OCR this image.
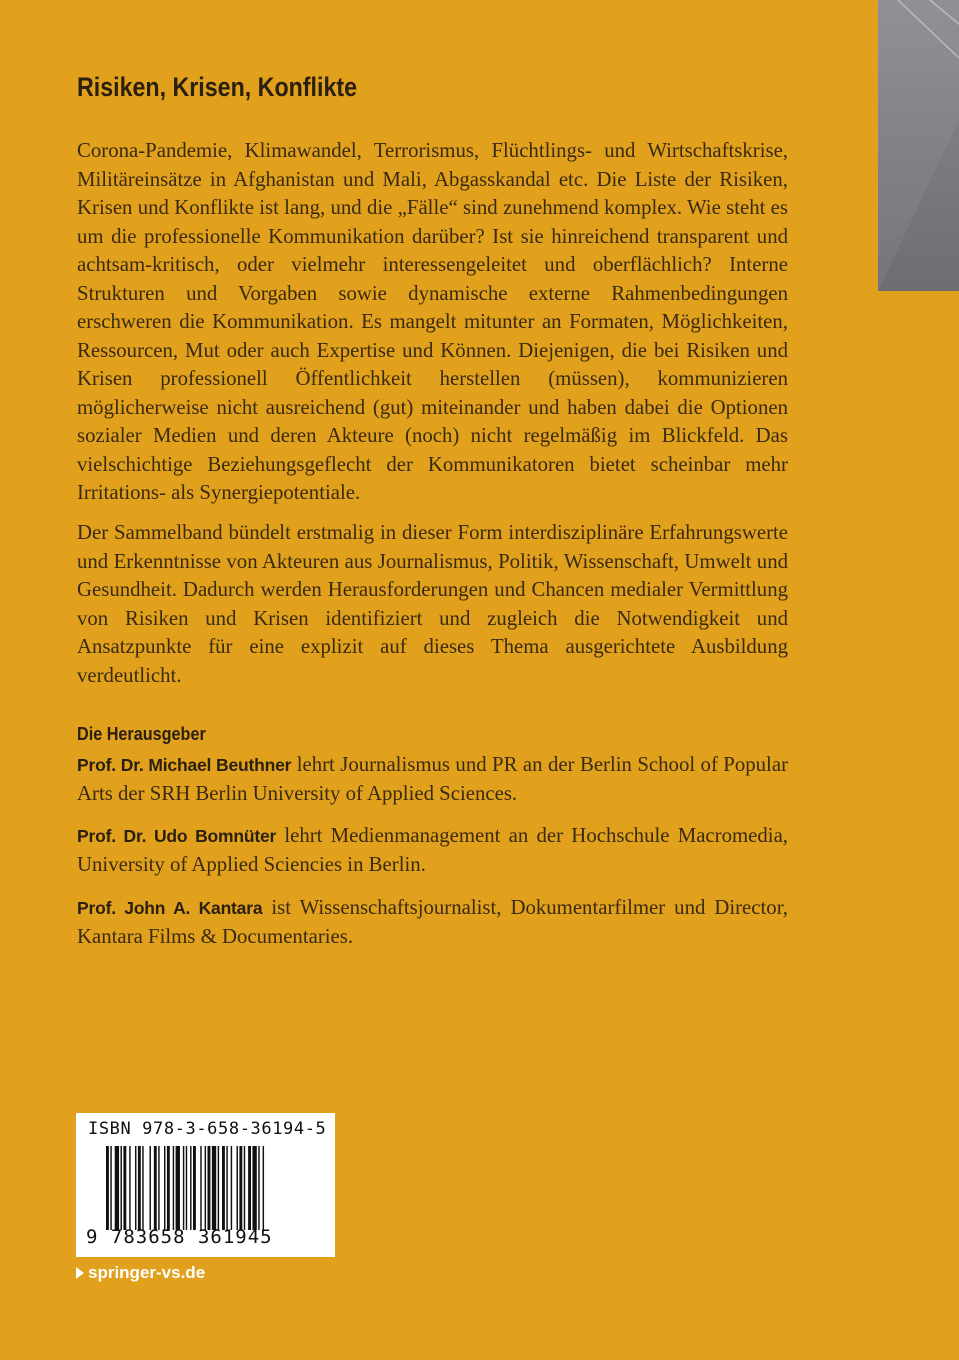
Risiken, Krisen, Konflikte

Corona-Pandemie, Klimawandel, Terrorismus, Flüchtlings- und Wirtschaftskrise, Militäreinsätze in Afghanistan und Mali, Abgasskandal etc. Die Liste der Risiken, Krisen und Konflikte ist lang, und die „Fälle“ sind zunehmend komplex. Wie steht es um die professionelle Kommunikation darüber? Ist sie hinreichend transparent und achtsam-kritisch, oder vielmehr interessengeleitet und oberflächlich? Interne Strukturen und Vorgaben sowie dynamische externe Rahmenbedingungen erschweren die Kommunikation. Es mangelt mitunter an Formaten, Möglichkeiten, Ressourcen, Mut oder auch Expertise und Können. Diejenigen, die bei Risiken und Krisen professionell Öffentlichkeit herstellen (müssen), kommunizieren möglicherweise nicht ausreichend (gut) miteinander und haben dabei die Optionen sozialer Medien und deren Akteure (noch) nicht regelmäßig im Blickfeld. Das vielschichtige Beziehungsgeflecht der Kommunikatoren bietet scheinbar mehr Irritations- als Synergiepotentiale.

Der Sammelband bündelt erstmalig in dieser Form interdisziplinäre Erfahrungswerte und Erkenntnisse von Akteuren aus Journalismus, Politik, Wissenschaft, Umwelt und Gesundheit. Dadurch werden Herausforderungen und Chancen medialer Vermittlung von Risiken und Krisen identifiziert und zugleich die Notwendigkeit und Ansatzpunkte für eine explizit auf dieses Thema ausgerichtete Ausbildung verdeutlicht.

Die Herausgeber

Prof. Dr. Michael Beuthner lehrt Journalismus und PR an der Berlin School of Popular Arts der SRH Berlin University of Applied Sciences.

Prof. Dr. Udo Bomnüter lehrt Medienmanagement an der Hochschule Macromedia, University of Applied Sciencies in Berlin.

Prof. John A. Kantara ist Wissenschaftsjournalist, Dokumentarfilmer und Director, Kantara Films & Documentaries.

ISBN 978-3-658-36194-5
9 783658 361945
springer-vs.de
